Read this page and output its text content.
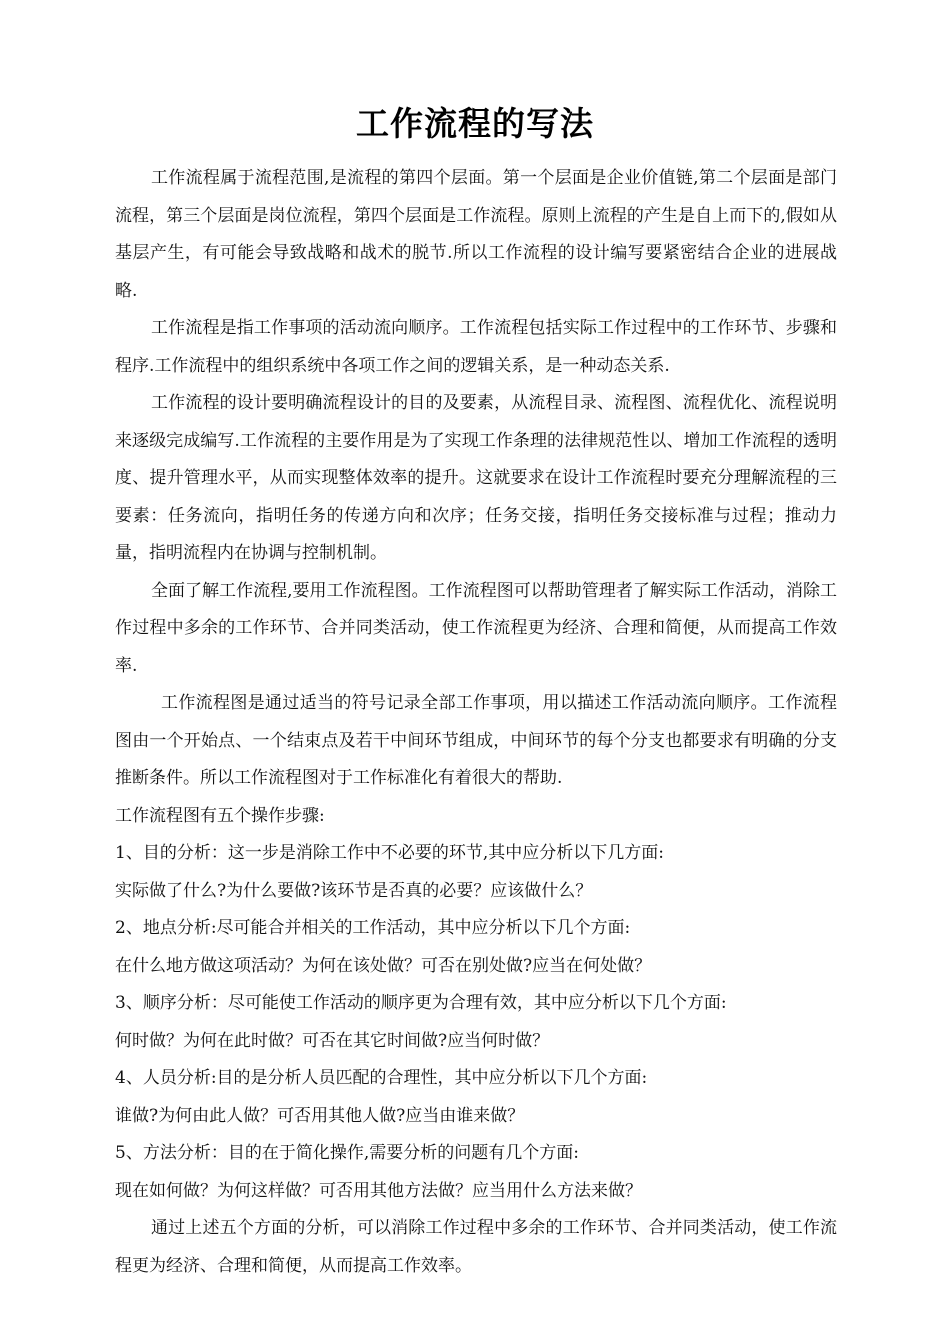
工作流程的写法

工作流程属于流程范围,是流程的第四个层面。第一个层面是企业价值链,第二个层面是部门流程，第三个层面是岗位流程，第四个层面是工作流程。原则上流程的产生是自上而下的,假如从基层产生，有可能会导致战略和战术的脱节.所以工作流程的设计编写要紧密结合企业的进展战略.

工作流程是指工作事项的活动流向顺序。工作流程包括实际工作过程中的工作环节、步骤和程序.工作流程中的组织系统中各项工作之间的逻辑关系，是一种动态关系.

工作流程的设计要明确流程设计的目的及要素，从流程目录、流程图、流程优化、流程说明来逐级完成编写.工作流程的主要作用是为了实现工作条理的法律规范性以、增加工作流程的透明度、提升管理水平，从而实现整体效率的提升。这就要求在设计工作流程时要充分理解流程的三要素：任务流向，指明任务的传递方向和次序；任务交接，指明任务交接标准与过程；推动力量，指明流程内在协调与控制机制。

全面了解工作流程,要用工作流程图。工作流程图可以帮助管理者了解实际工作活动，消除工作过程中多余的工作环节、合并同类活动，使工作流程更为经济、合理和简便，从而提高工作效率.

工作流程图是通过适当的符号记录全部工作事项，用以描述工作活动流向顺序。工作流程图由一个开始点、一个结束点及若干中间环节组成，中间环节的每个分支也都要求有明确的分支推断条件。所以工作流程图对于工作标准化有着很大的帮助.

工作流程图有五个操作步骤:

1、目的分析：这一步是消除工作中不必要的环节,其中应分析以下几方面:

实际做了什么?为什么要做?该环节是否真的必要？应该做什么？

2、地点分析:尽可能合并相关的工作活动，其中应分析以下几个方面:

在什么地方做这项活动？为何在该处做？可否在别处做?应当在何处做？

3、顺序分析：尽可能使工作活动的顺序更为合理有效，其中应分析以下几个方面:

何时做？为何在此时做？可否在其它时间做?应当何时做？

4、人员分析:目的是分析人员匹配的合理性，其中应分析以下几个方面:

谁做?为何由此人做？可否用其他人做?应当由谁来做？

5、方法分析：目的在于简化操作,需要分析的问题有几个方面:

现在如何做？为何这样做？可否用其他方法做？应当用什么方法来做？

通过上述五个方面的分析，可以消除工作过程中多余的工作环节、合并同类活动，使工作流程更为经济、合理和简便，从而提高工作效率。
